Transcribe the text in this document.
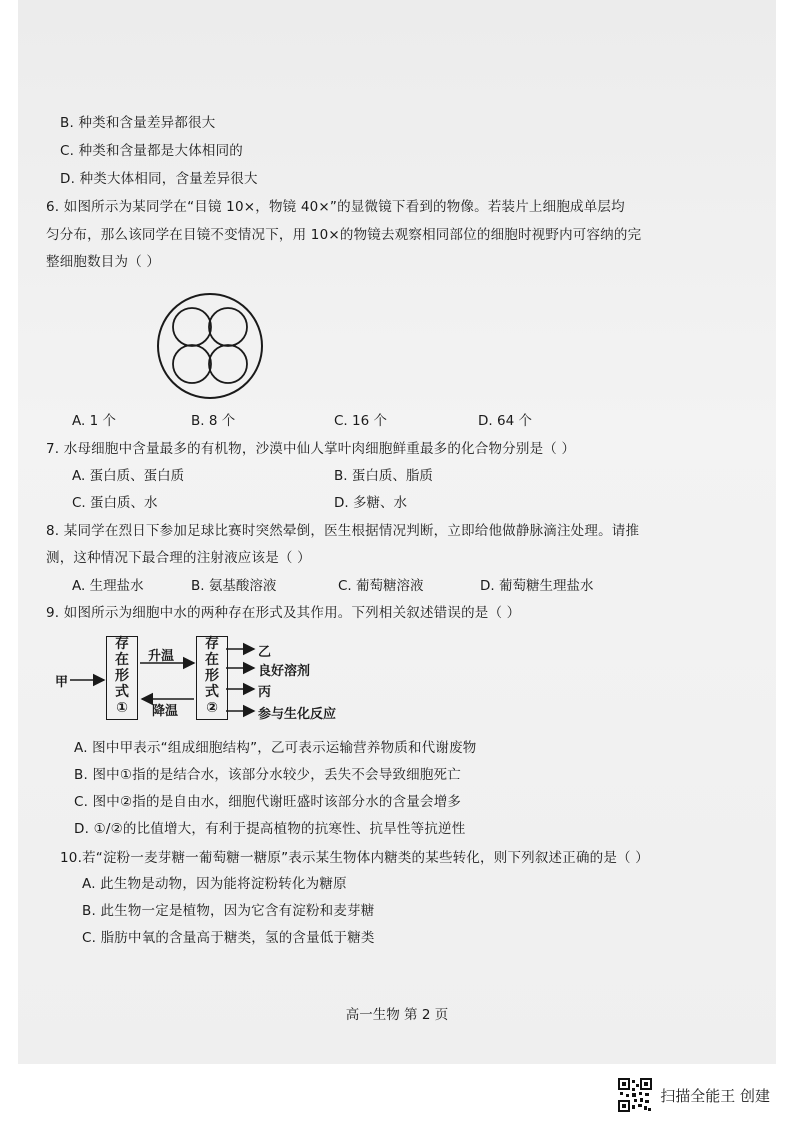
B. 种类和含量差异都很大
C. 种类和含量都是大体相同的
D. 种类大体相同，含量差异很大
6. 如图所示为某同学在“目镜 10×，物镜 40×”的显微镜下看到的物像。若装片上细胞成单层均
匀分布，那么该同学在目镜不变情况下，用 10×的物镜去观察相同部位的细胞时视野内可容纳的完
整细胞数目为（ ）
A. 1 个	B. 8 个	C. 16 个	D. 64 个
7. 水母细胞中含量最多的有机物，沙漠中仙人掌叶肉细胞鲜重最多的化合物分别是（ ）
A. 蛋白质、蛋白质	B. 蛋白质、脂质
C. 蛋白质、水	D. 多糖、水
8. 某同学在烈日下参加足球比赛时突然晕倒，医生根据情况判断，立即给他做静脉滴注处理。请推
测，这种情况下最合理的注射液应该是（ ）
A. 生理盐水	B. 氨基酸溶液	C. 葡萄糖溶液	D. 葡萄糖生理盐水
9. 如图所示为细胞中水的两种存在形式及其作用。下列相关叙述错误的是（ ）
甲
存
在
形
式
①
存
在
形
式
②
升温
降温
乙
良好溶剂
丙
参与生化反应
A. 图中甲表示“组成细胞结构”，乙可表示运输营养物质和代谢废物
B. 图中①指的是结合水，该部分水较少，丢失不会导致细胞死亡
C. 图中②指的是自由水，细胞代谢旺盛时该部分水的含量会增多
D. ①/②的比值增大，有利于提高植物的抗寒性、抗旱性等抗逆性
10.若“淀粉一麦芽糖一葡萄糖一糖原”表示某生物体内糖类的某些转化，则下列叙述正确的是（ ）
A. 此生物是动物，因为能将淀粉转化为糖原
B. 此生物一定是植物，因为它含有淀粉和麦芽糖
C. 脂肪中氧的含量高于糖类，氢的含量低于糖类
高一生物 第 2 页
扫描全能王 创建
